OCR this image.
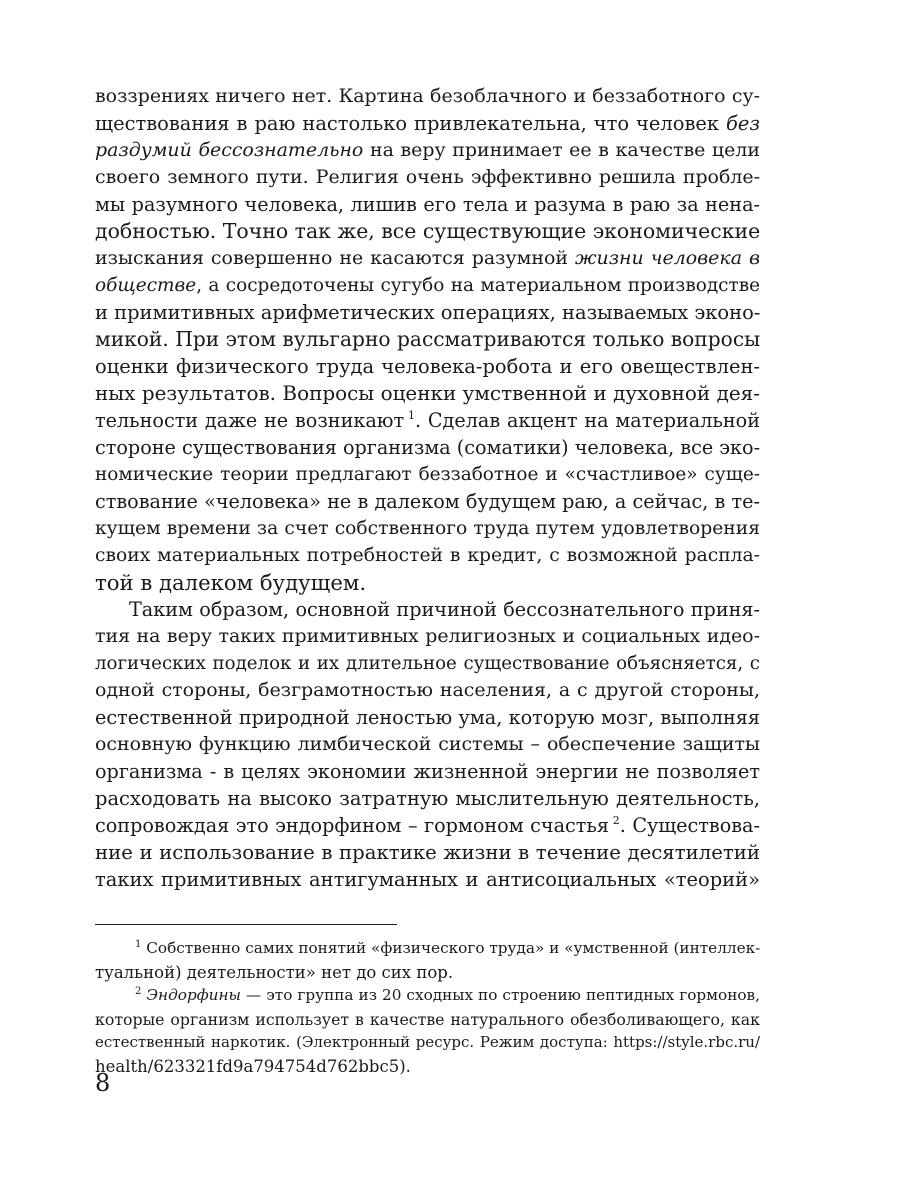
воззрениях ничего нет. Картина безоблачного и беззаботного су-
ществования в раю настолько привлекательна, что человек без
раздумий бессознательно на веру принимает ее в качестве цели
своего земного пути. Религия очень эффективно решила пробле-
мы разумного человека, лишив его тела и разума в раю за нена-
добностью. Точно так же, все существующие экономические
изыскания совершенно не касаются разумной жизни человека в
обществе, а сосредоточены сугубо на материальном производстве
и примитивных арифметических операциях, называемых эконо-
микой. При этом вульгарно рассматриваются только вопросы
оценки физического труда человека-робота и его овеществлен-
ных результатов. Вопросы оценки умственной и духовной дея-
тельности даже не возникают  $^1$. Сделав акцент на материальной
стороне существования организма (соматики) человека, все эко-
номические теории предлагают беззаботное и «счастливое» суще-
ствование «человека» не в далеком будущем раю, а сейчас, в те-
кущем времени за счет собственного труда путем удовлетворения
своих материальных потребностей в кредит, с возможной распла-
той в далеком будущем.
Таким образом, основной причиной бессознательного приня-
тия на веру таких примитивных религиозных и социальных идео-
логических поделок и их длительное существование объясняется, с
одной стороны, безграмотностью населения, а с другой стороны,
естественной природной леностью ума, которую мозг, выполняя
основную функцию лимбической системы – обеспечение защиты
организма - в целях экономии жизненной энергии не позволяет
расходовать на высоко затратную мыслительную деятельность,
сопровождая это эндорфином – гормоном счастья  $^2$. Существова-
ние и использование в практике жизни в течение десятилетий
таких примитивных антигуманных и антисоциальных «теорий»
$^1$ Собственно самих понятий «физического труда» и «умственной (интеллек-
туальной) деятельности» нет до сих пор.
$^2$ Эндорфины — это группа из 20 сходных по строению пептидных гормонов,
которые организм использует в качестве натурального обезболивающего, как
естественный наркотик. (Электронный ресурс. Режим доступа: https://style.rbc.ru/
health/623321fd9a794754d762bbc5).
8
